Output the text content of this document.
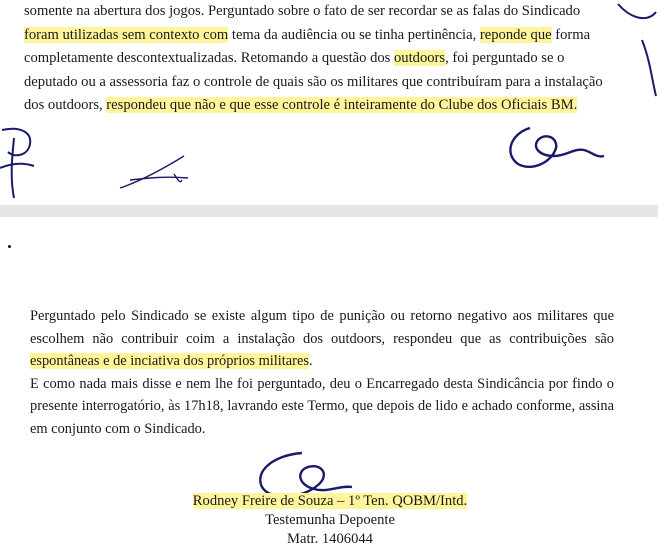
somente na abertura dos jogos. Perguntado sobre o fato de ser recordar se as falas do Sindicado
foram utilizadas sem contexto com tema da audiência ou se tinha pertinência, reponde que forma
completamente descontextualizadas. Retomando a questão dos outdoors, foi perguntado se o
deputado ou a assessoria faz o controle de quais são os militares que contribuíram para a instalação
dos outdoors, respondeu que não e que esse controle é inteiramente do Clube dos Oficiais BM.

Perguntado pelo Sindicado se existe algum tipo de punição ou retorno negativo aos militares que escolhem não contribuir coim a instalação dos outdoors, respondeu que as contribuições são espontâneas e de inciativa dos próprios militares.

E como nada mais disse e nem lhe foi perguntado, deu o Encarregado desta Sindicância por findo o presente interrogatório, às 17h18, lavrando este Termo, que depois de lido e achado conforme, assina em conjunto com o Sindicado.

Rodney Freire de Souza – 1º Ten. QOBM/Intd.
Testemunha Depoente
Matr. 1406044
